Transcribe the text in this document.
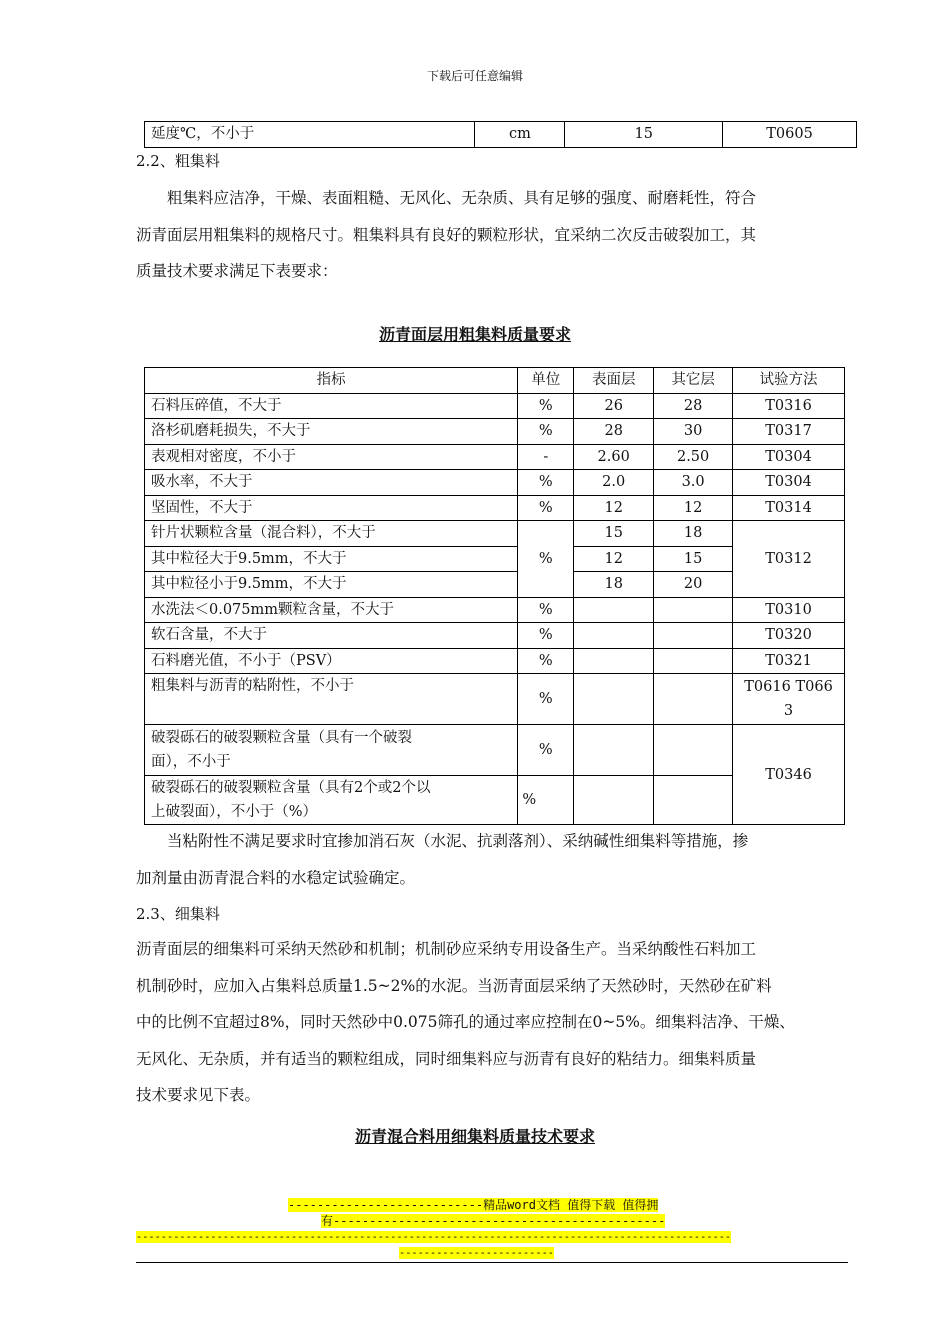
下载后可任意编辑
延度℃，不小于	cm	15	T0605
2.2、粗集料
粗集料应洁净，干燥、表面粗糙、无风化、无杂质、具有足够的强度、耐磨耗性，符合
沥青面层用粗集料的规格尺寸。粗集料具有良好的颗粒形状，宜采纳二次反击破裂加工，其
质量技术要求满足下表要求：
沥青面层用粗集料质量要求
指标	单位	表面层	其它层	试验方法
石料压碎值，不大于	%	26	28	T0316
洛杉矶磨耗损失，不大于	%	28	30	T0317
表观相对密度，不小于	-	2.60	2.50	T0304
吸水率，不大于	%	2.0	3.0	T0304
坚固性，不大于	%	12	12	T0314
针片状颗粒含量（混合料），不大于	%	15	18	T0312
其中粒径大于9.5mm，不大于		12	15	
其中粒径小于9.5mm，不大于		18	20	
水洗法＜0.075mm颗粒含量，不大于	%			T0310
软石含量，不大于	%			T0320
石料磨光值，不小于（PSV）	%			T0321
粗集料与沥青的粘附性，不小于	%			T0616 T066
3

破裂砾石的破裂颗粒含量（具有一个破裂
面），不小于	%			T0346

破裂砾石的破裂颗粒含量（具有2个或2个以
上破裂面），不小于（%）	%			
当粘附性不满足要求时宜掺加消石灰（水泥、抗剥落剂）、采纳碱性细集料等措施，掺
加剂量由沥青混合料的水稳定试验确定。
2.3、细集料
沥青面层的细集料可采纳天然砂和机制；机制砂应采纳专用设备生产。当采纳酸性石料加工
机制砂时，应加入占集料总质量1.5~2%的水泥。当沥青面层采纳了天然砂时，天然砂在矿料
中的比例不宜超过8%，同时天然砂中0.075筛孔的通过率应控制在0~5%。细集料洁净、干燥、
无风化、无杂质，并有适当的颗粒组成，同时细集料应与沥青有良好的粘结力。细集料质量
技术要求见下表。
沥青混合料用细集料质量技术要求
---------------------------精品word文档 值得下载 值得拥
有----------------------------------------------
------------------------------------------------------------------------------------------------
-------------------------
